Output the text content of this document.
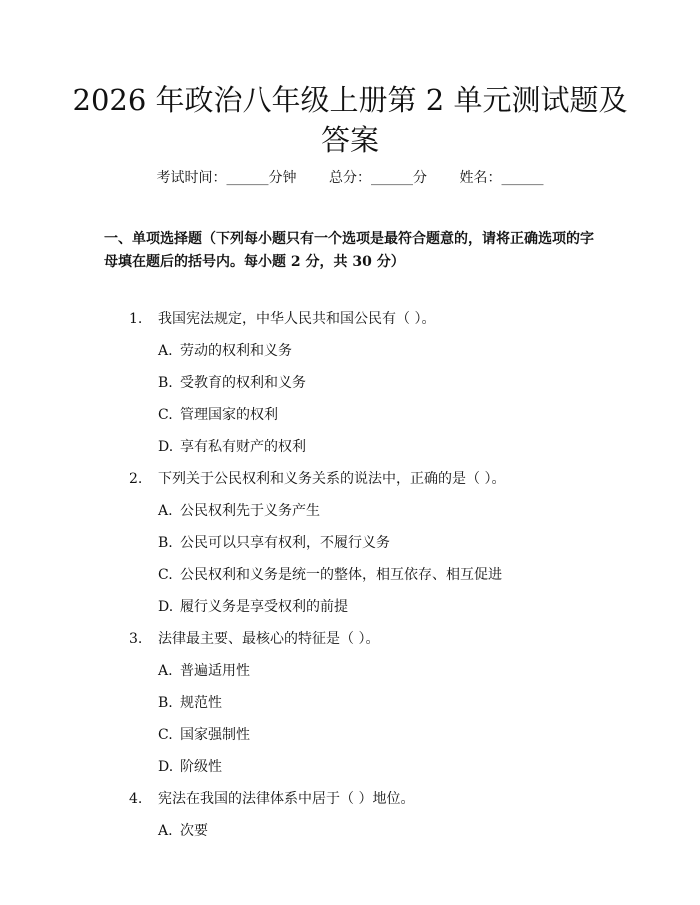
2026 年政治八年级上册第 2 单元测试题及答案
考试时间：______分钟 总分：______分 姓名：______
一、单项选择题（下列每小题只有一个选项是最符合题意的，请将正确选项的字母填在题后的括号内。每小题 2 分，共 30 分）
1. 我国宪法规定，中华人民共和国公民有（ ）。
A. 劳动的权利和义务
B. 受教育的权利和义务
C. 管理国家的权利
D. 享有私有财产的权利
2. 下列关于公民权利和义务关系的说法中，正确的是（ ）。
A. 公民权利先于义务产生
B. 公民可以只享有权利，不履行义务
C. 公民权利和义务是统一的整体，相互依存、相互促进
D. 履行义务是享受权利的前提
3. 法律最主要、最核心的特征是（ ）。
A. 普遍适用性
B. 规范性
C. 国家强制性
D. 阶级性
4. 宪法在我国的法律体系中居于（ ）地位。
A. 次要
